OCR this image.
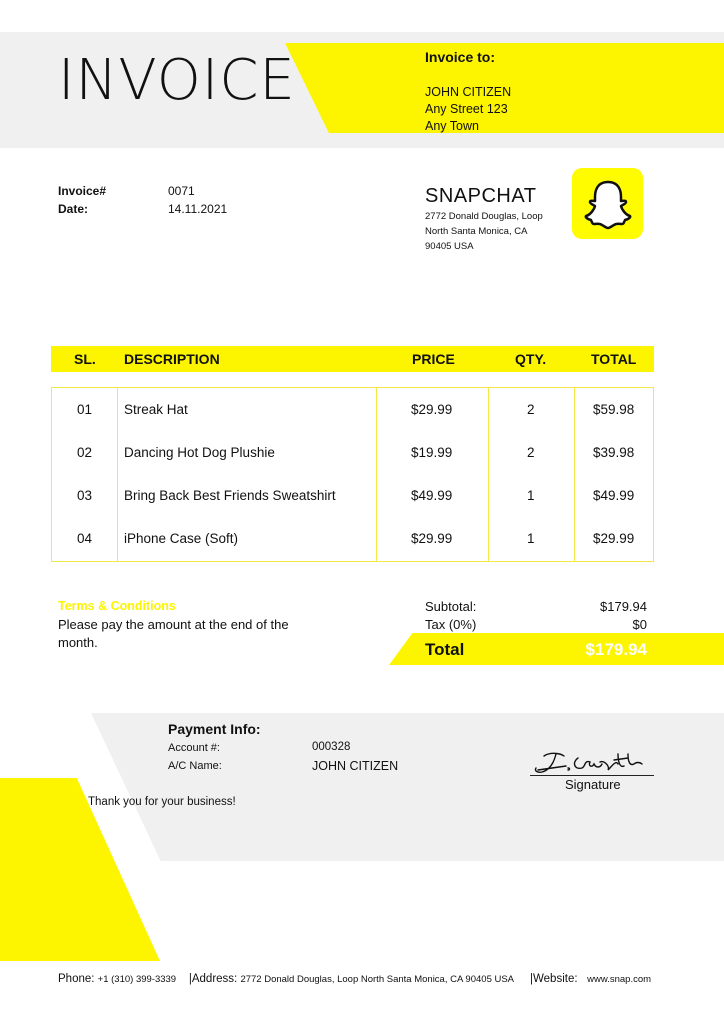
INVOICE	Invoice to:
JOHN CITIZEN
Any Street 123
Any Town
Invoice#	0071
Date:	14.11.2021
SNAPCHAT
2772 Donald Douglas, Loop North Santa Monica, CA 90405 USA
SL. DESCRIPTION	PRICE	QTY.	TOTAL
01 Streak Hat	$29.99	2	$59.98
02 Dancing Hot Dog Plushie	$19.99	2	$39.98
03 Bring Back Best Friends Sweatshirt	$49.99	1	$49.99
04 iPhone Case (Soft)	$29.99	1	$29.99
Terms & Conditions
Please pay the amount at the end of the month.
Subtotal:	$179.94
Tax (0%)	$0
Total	$179.94
Payment Info:
Account #:	000328
A/C Name:	JOHN CITIZEN
Thank you for your business!
Signature
Phone: +1 (310) 399-3339 |Address: 2772 Donald Douglas, Loop North Santa Monica, CA 90405 USA |Website: www.snap.com
